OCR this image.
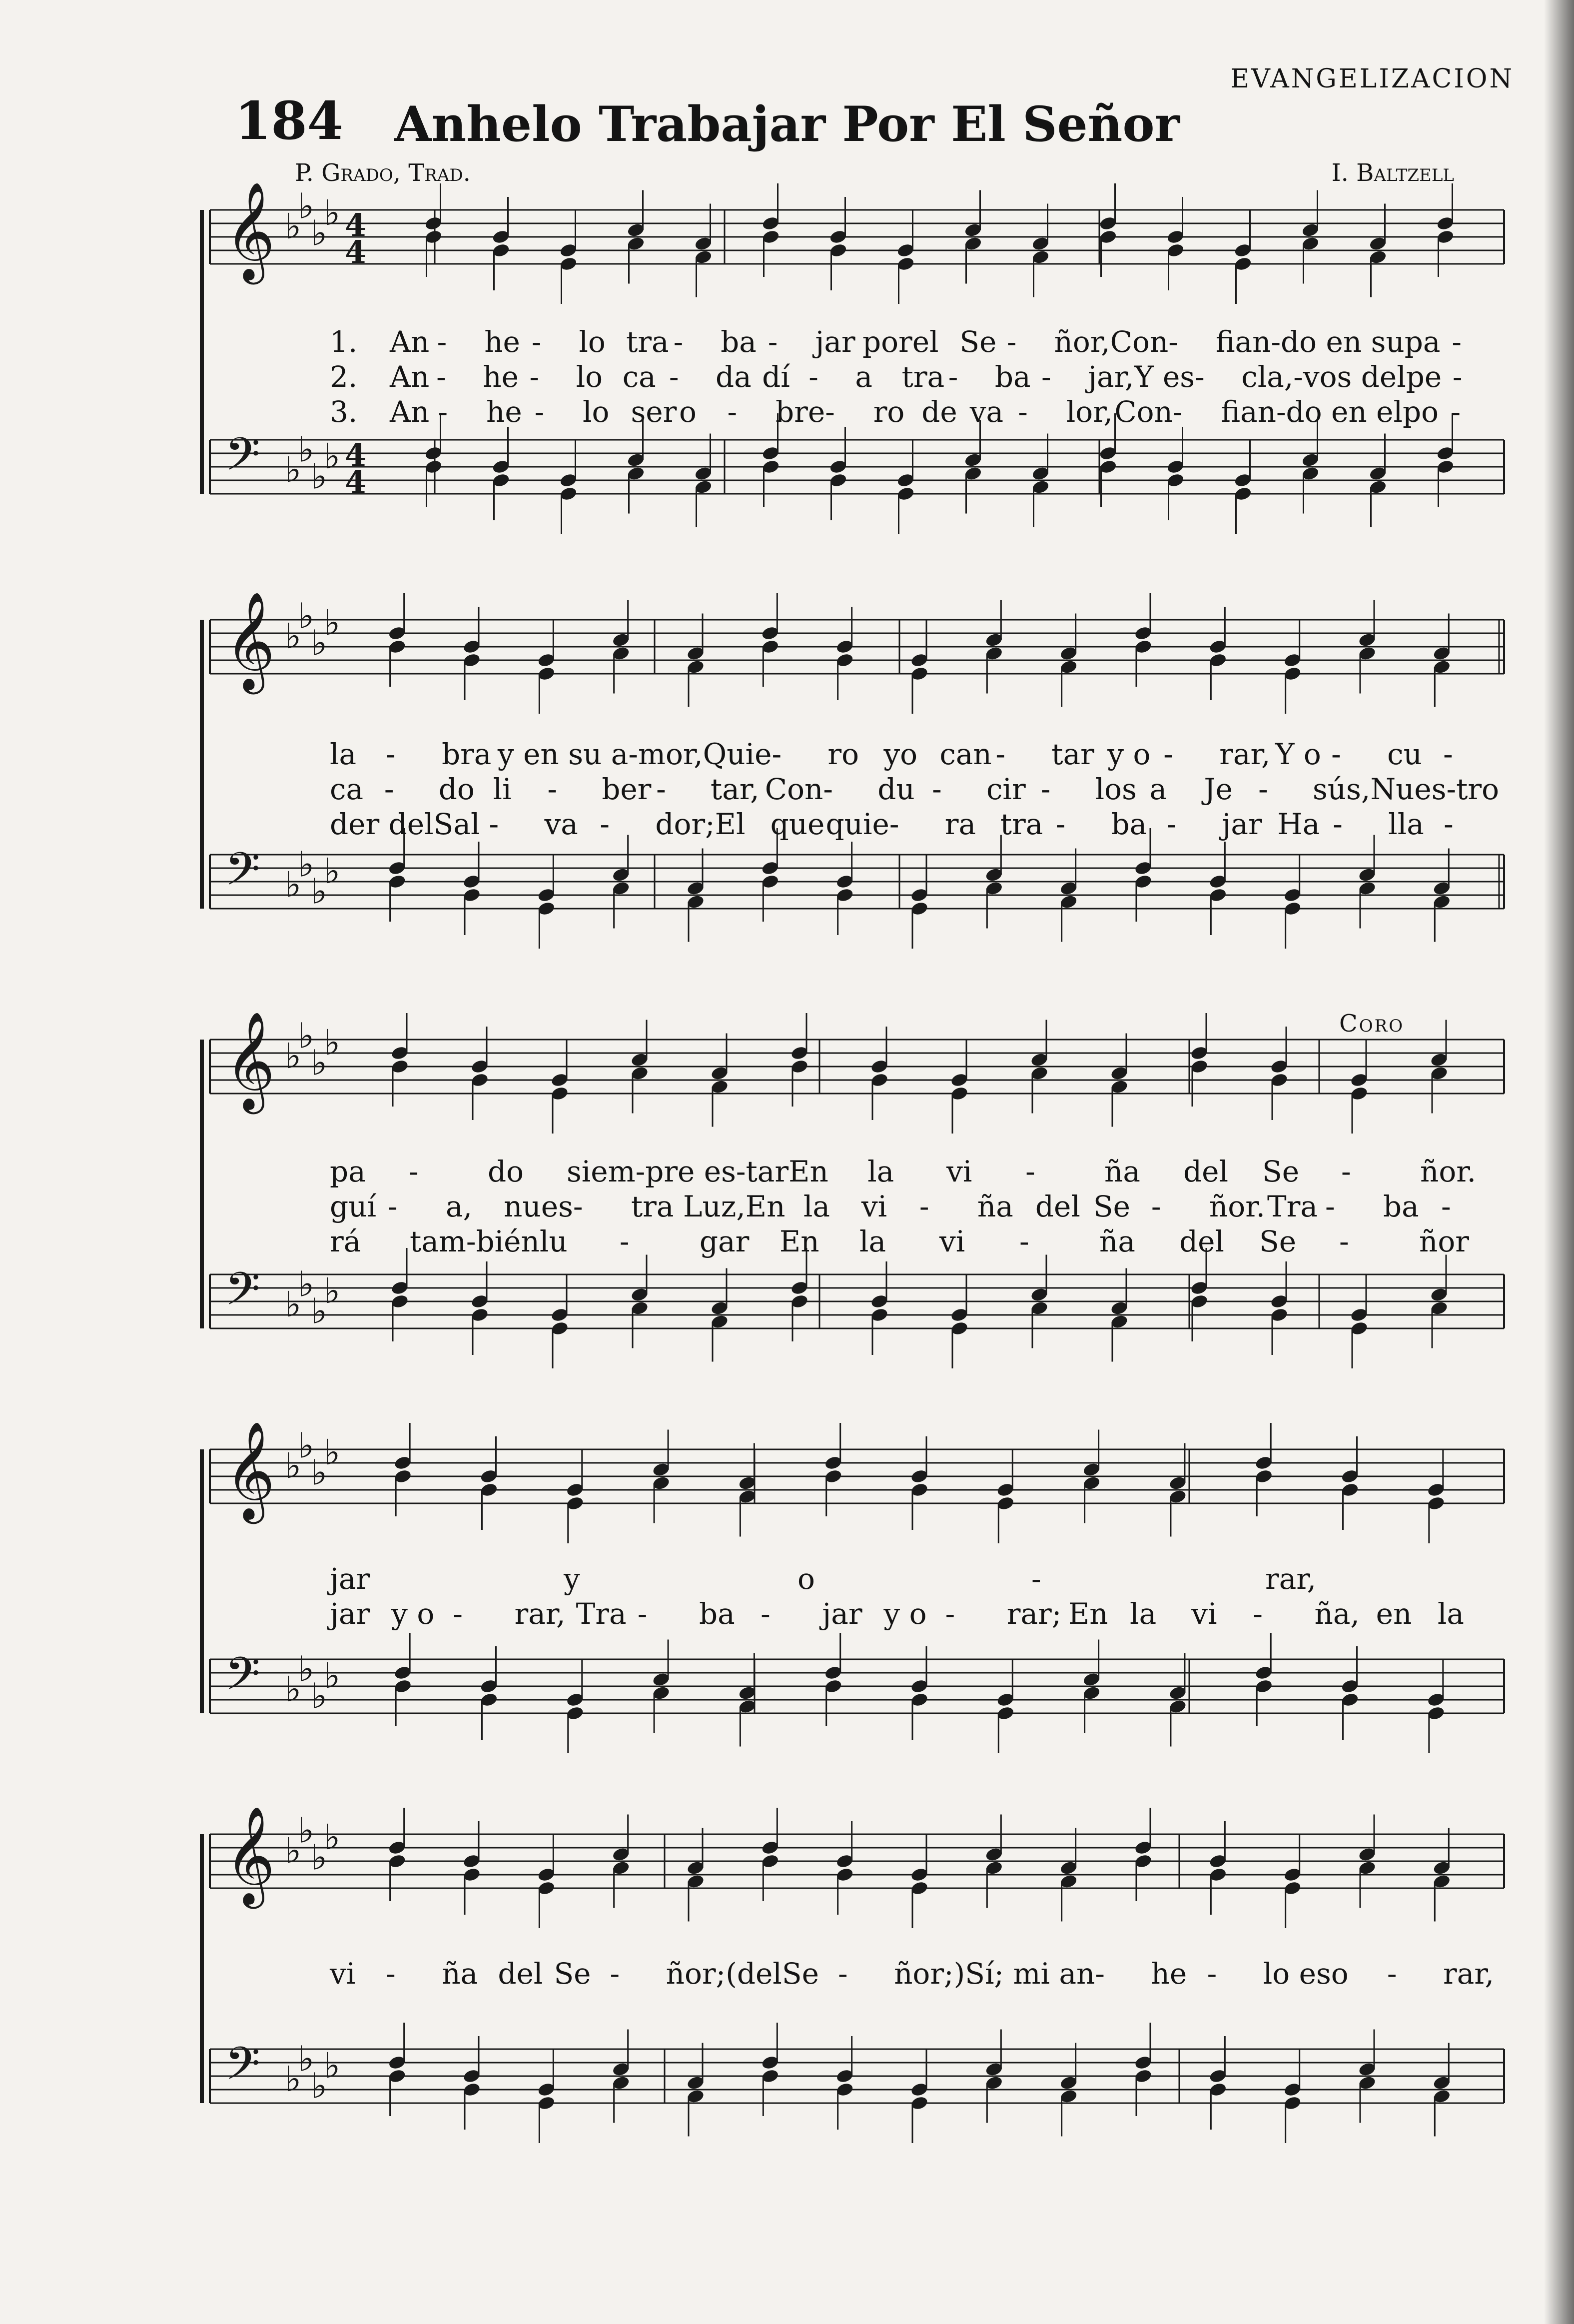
EVANGELIZACION
184	Anhelo Trabajar Por El Señor
P. Grado, Trad.	I. Baltzell
𝄞 ♭
♭
♭
♭ 4
4
𝄢 ♭
♭
♭
♭ 4
4
1.	An -	he -	lo tra -	ba -	jar por el Se -	ñor, Con -	fian-do en su pa -
2.	An -	he -	lo ca -	da dí -	a	tra -	ba -	jar, Y es -	cla,- vos del pe -
3.	An -	he -	lo ser o	-	bre -	ro de va -	lor, Con -	fian-do en el po -
𝄞 ♭
♭
♭
♭
𝄢 ♭
♭
♭
♭
la	-	bra y en su a-mor, Quie -	ro yo can -	tar y o -	rar, Y o -	cu -
ca -	do li	-	ber -	tar, Con -	du -	cir -	los a	Je -	sús, Nues-tro
der del Sal -	va -	dor; El que quie -	ra tra -	ba -	jar Ha -	lla -
Coro
𝄞 ♭
♭
♭
♭
𝄢 ♭
♭
♭
♭
pa	-	do	siem-pre es-tar En	la	vi	-	ña	del	Se	-	ñor.
guí -	a,	nues -	tra Luz, En la	vi	-	ña del Se -	ñor. Tra -	ba -
rá	tam-bién lu	-	gar	En	la	vi	-	ña	del	Se	-	ñor
𝄞 ♭
♭
♭
♭
𝄢 ♭
♭
♭
♭
jar	y	o	-	rar,
jar y o -	rar, Tra -	ba -	jar y o -	rar; En la	vi	-	ña, en la
𝄞 ♭
♭
♭
♭
𝄢 ♭
♭
♭
♭
vi	-	ña del Se -	ñor; (del Se -	ñor;) Sí; mi an -	he -	lo es o	-	rar,
